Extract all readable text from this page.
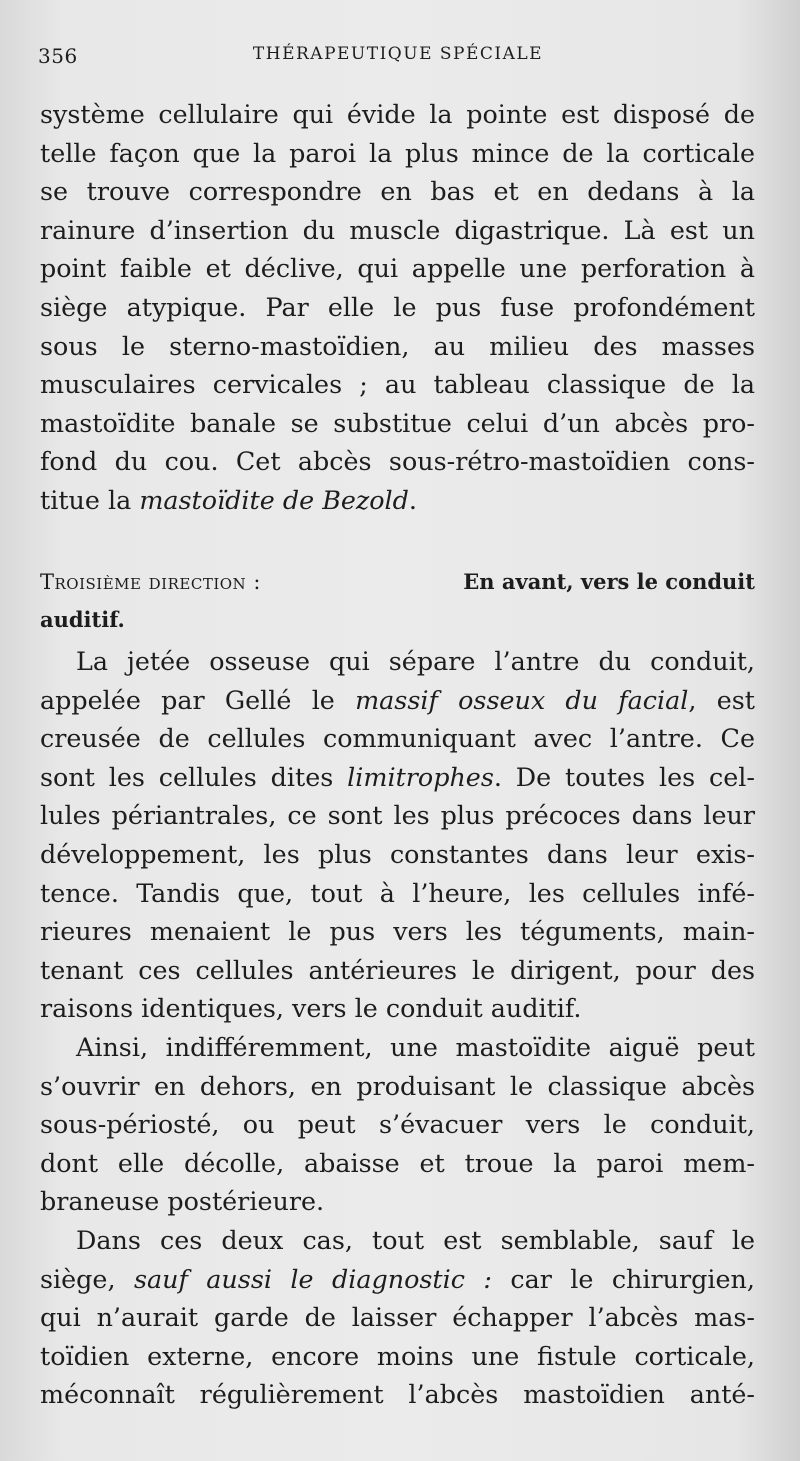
356	THÉRAPEUTIQUE SPÉCIALE

système cellulaire qui évide la pointe est disposé de

telle façon que la paroi la plus mince de la corticale

se trouve correspondre en bas et en dedans à la

rainure d’insertion du muscle digastrique. Là est un

point faible et déclive, qui appelle une perforation à

siège atypique. Par elle le pus fuse profondément

sous le sterno-mastoïdien, au milieu des masses

musculaires cervicales ; au tableau classique de la

mastoïdite banale se substitue celui d’un abcès pro-

fond du cou. Cet abcès sous-rétro-mastoïdien cons-

titue la mastoïdite de Bezold.

Troisième direction :	En avant, vers le conduit
auditif.

La jetée osseuse qui sépare l’antre du conduit,

appelée par Gellé le massif osseux du facial, est

creusée de cellules communiquant avec l’antre. Ce

sont les cellules dites limitrophes. De toutes les cel-

lules périantrales, ce sont les plus précoces dans leur

développement, les plus constantes dans leur exis-

tence. Tandis que, tout à l’heure, les cellules infé-

rieures menaient le pus vers les téguments, main-

tenant ces cellules antérieures le dirigent, pour des

raisons identiques, vers le conduit auditif.

Ainsi, indifféremment, une mastoïdite aiguë peut

s’ouvrir en dehors, en produisant le classique abcès

sous-périosté, ou peut s’évacuer vers le conduit,

dont elle décolle, abaisse et troue la paroi mem-

braneuse postérieure.

Dans ces deux cas, tout est semblable, sauf le

siège, sauf aussi le diagnostic : car le chirurgien,

qui n’aurait garde de laisser échapper l’abcès mas-

toïdien externe, encore moins une fistule corticale,

méconnaît régulièrement l’abcès mastoïdien anté-
